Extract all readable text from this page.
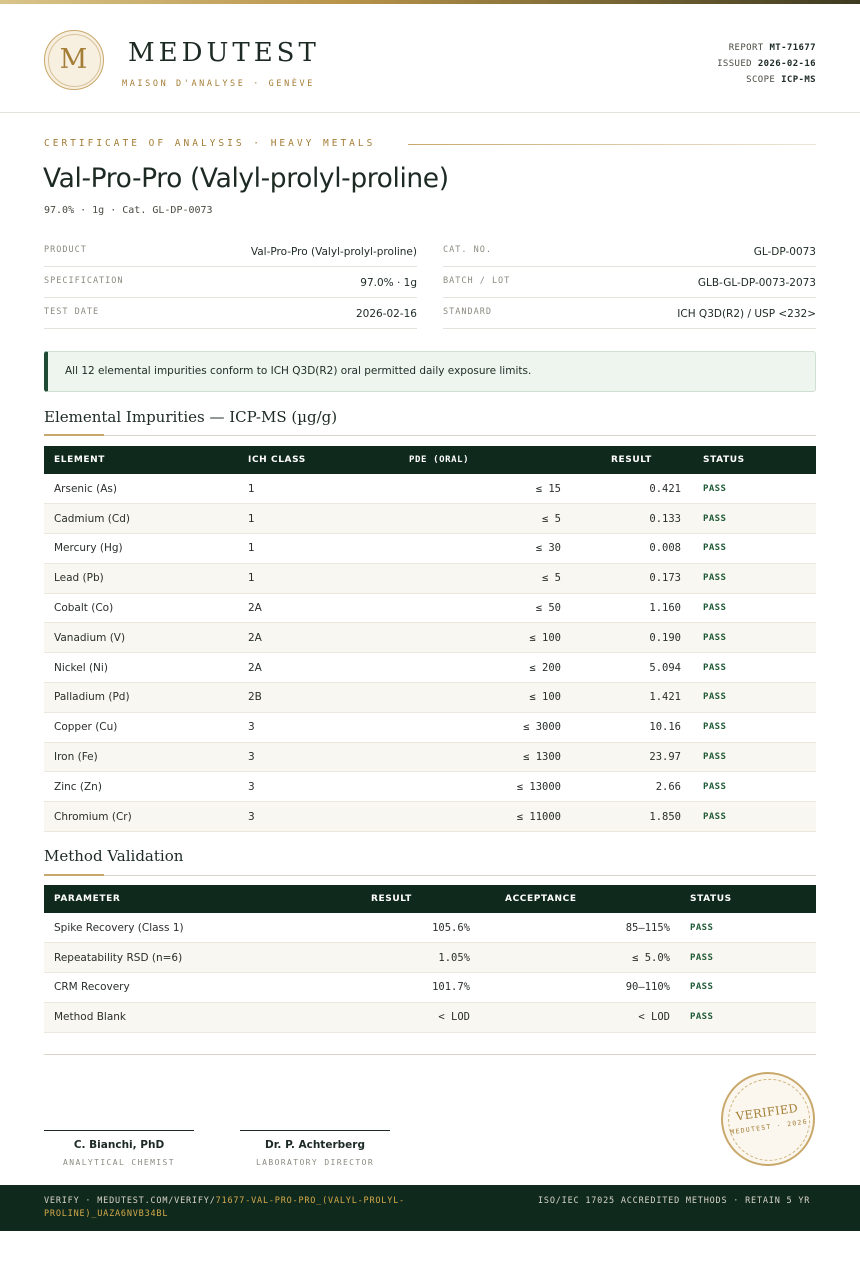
M	MEDUTEST
MAISON D'ANALYSE · GENÈVE
REPORT MT-71677
ISSUED 2026-02-16
SCOPE ICP-MS
CERTIFICATE OF ANALYSIS · HEAVY METALS
Val-Pro-Pro (Valyl-prolyl-proline)
97.0% · 1g · Cat. GL-DP-0073
PRODUCT	Val-Pro-Pro (Valyl-prolyl-proline)
SPECIFICATION	97.0% · 1g
TEST DATE	2026-02-16
CAT. NO.	GL-DP-0073
BATCH / LOT	GLB-GL-DP-0073-2073
STANDARD	ICH Q3D(R2) / USP <232>
All 12 elemental impurities conform to ICH Q3D(R2) oral permitted daily exposure limits.
Elemental Impurities — ICP-MS (µg/g)
ELEMENT	ICH CLASS	PDE (ORAL)	RESULT	STATUS
Arsenic (As)	1	≤ 15	0.421	PASS
Cadmium (Cd)	1	≤ 5	0.133	PASS
Mercury (Hg)	1	≤ 30	0.008	PASS
Lead (Pb)	1	≤ 5	0.173	PASS
Cobalt (Co)	2A	≤ 50	1.160	PASS
Vanadium (V)	2A	≤ 100	0.190	PASS
Nickel (Ni)	2A	≤ 200	5.094	PASS
Palladium (Pd)	2B	≤ 100	1.421	PASS
Copper (Cu)	3	≤ 3000	10.16	PASS
Iron (Fe)	3	≤ 1300	23.97	PASS
Zinc (Zn)	3	≤ 13000	2.66	PASS
Chromium (Cr)	3	≤ 11000	1.850	PASS
Method Validation
PARAMETER	RESULT	ACCEPTANCE	STATUS
Spike Recovery (Class 1)	105.6%	85–115%	PASS
Repeatability RSD (n=6)	1.05%	≤ 5.0%	PASS
CRM Recovery	101.7%	90–110%	PASS
Method Blank	< LOD	< LOD	PASS
C. Bianchi, PhD
ANALYTICAL CHEMIST
Dr. P. Achterberg
LABORATORY DIRECTOR
VERIFIED
MEDUTEST · 2026
VERIFY · MEDUTEST.COM/VERIFY/71677-VAL-PRO-PRO_(VALYL-PROLYL-PROLINE)_UAZA6NVB34BL
ISO/IEC 17025 ACCREDITED METHODS · RETAIN 5 YR
